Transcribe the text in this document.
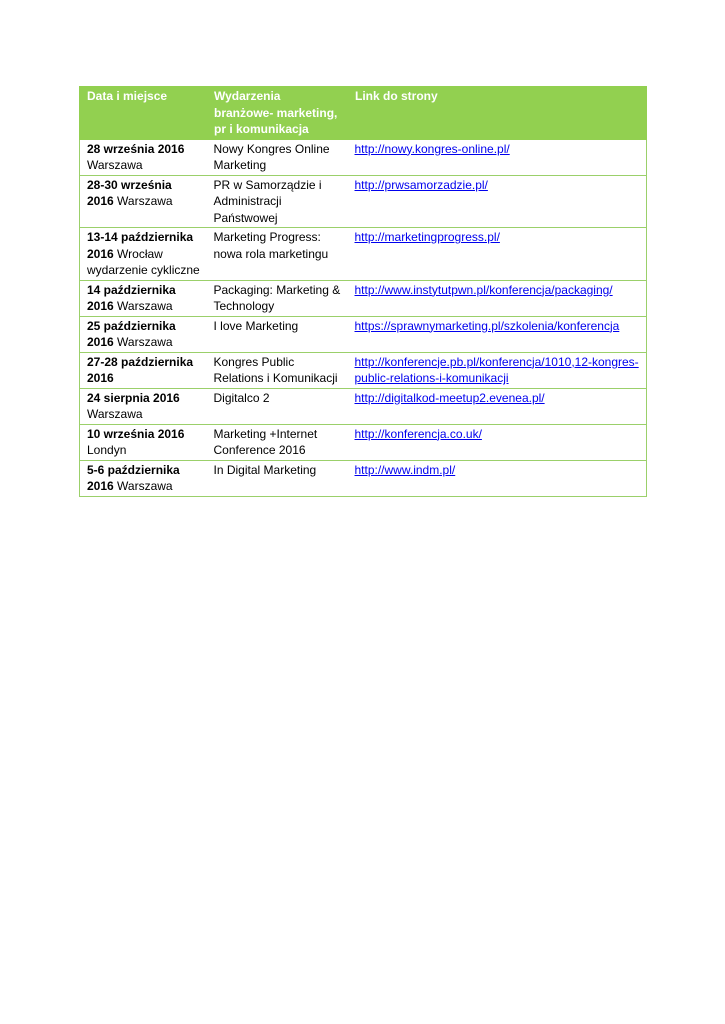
Data i miejsce	Wydarzenia branżowe- marketing, pr i komunikacja	Link do strony
28 września 2016 Warszawa	Nowy Kongres Online Marketing	http://nowy.kongres-online.pl/
28-30 września 2016 Warszawa	PR w Samorządzie i Administracji Państwowej	http://prwsamorzadzie.pl/
13-14 października 2016 Wrocław wydarzenie cykliczne	Marketing Progress: nowa rola marketingu	http://marketingprogress.pl/
14 października 2016 Warszawa	Packaging: Marketing & Technology	http://www.instytutpwn.pl/konferencja/packaging/
25 października 2016 Warszawa	I love Marketing	https://sprawnymarketing.pl/szkolenia/konferencja
27-28 października 2016	Kongres Public Relations i Komunikacji	http://konferencje.pb.pl/konferencja/1010,12-kongres-public-relations-i-komunikacji
24 sierpnia 2016 Warszawa	Digitalco 2	http://digitalkod-meetup2.evenea.pl/
10 września 2016 Londyn	Marketing +Internet Conference 2016	http://konferencja.co.uk/
5-6 października 2016 Warszawa	In Digital Marketing	http://www.indm.pl/
